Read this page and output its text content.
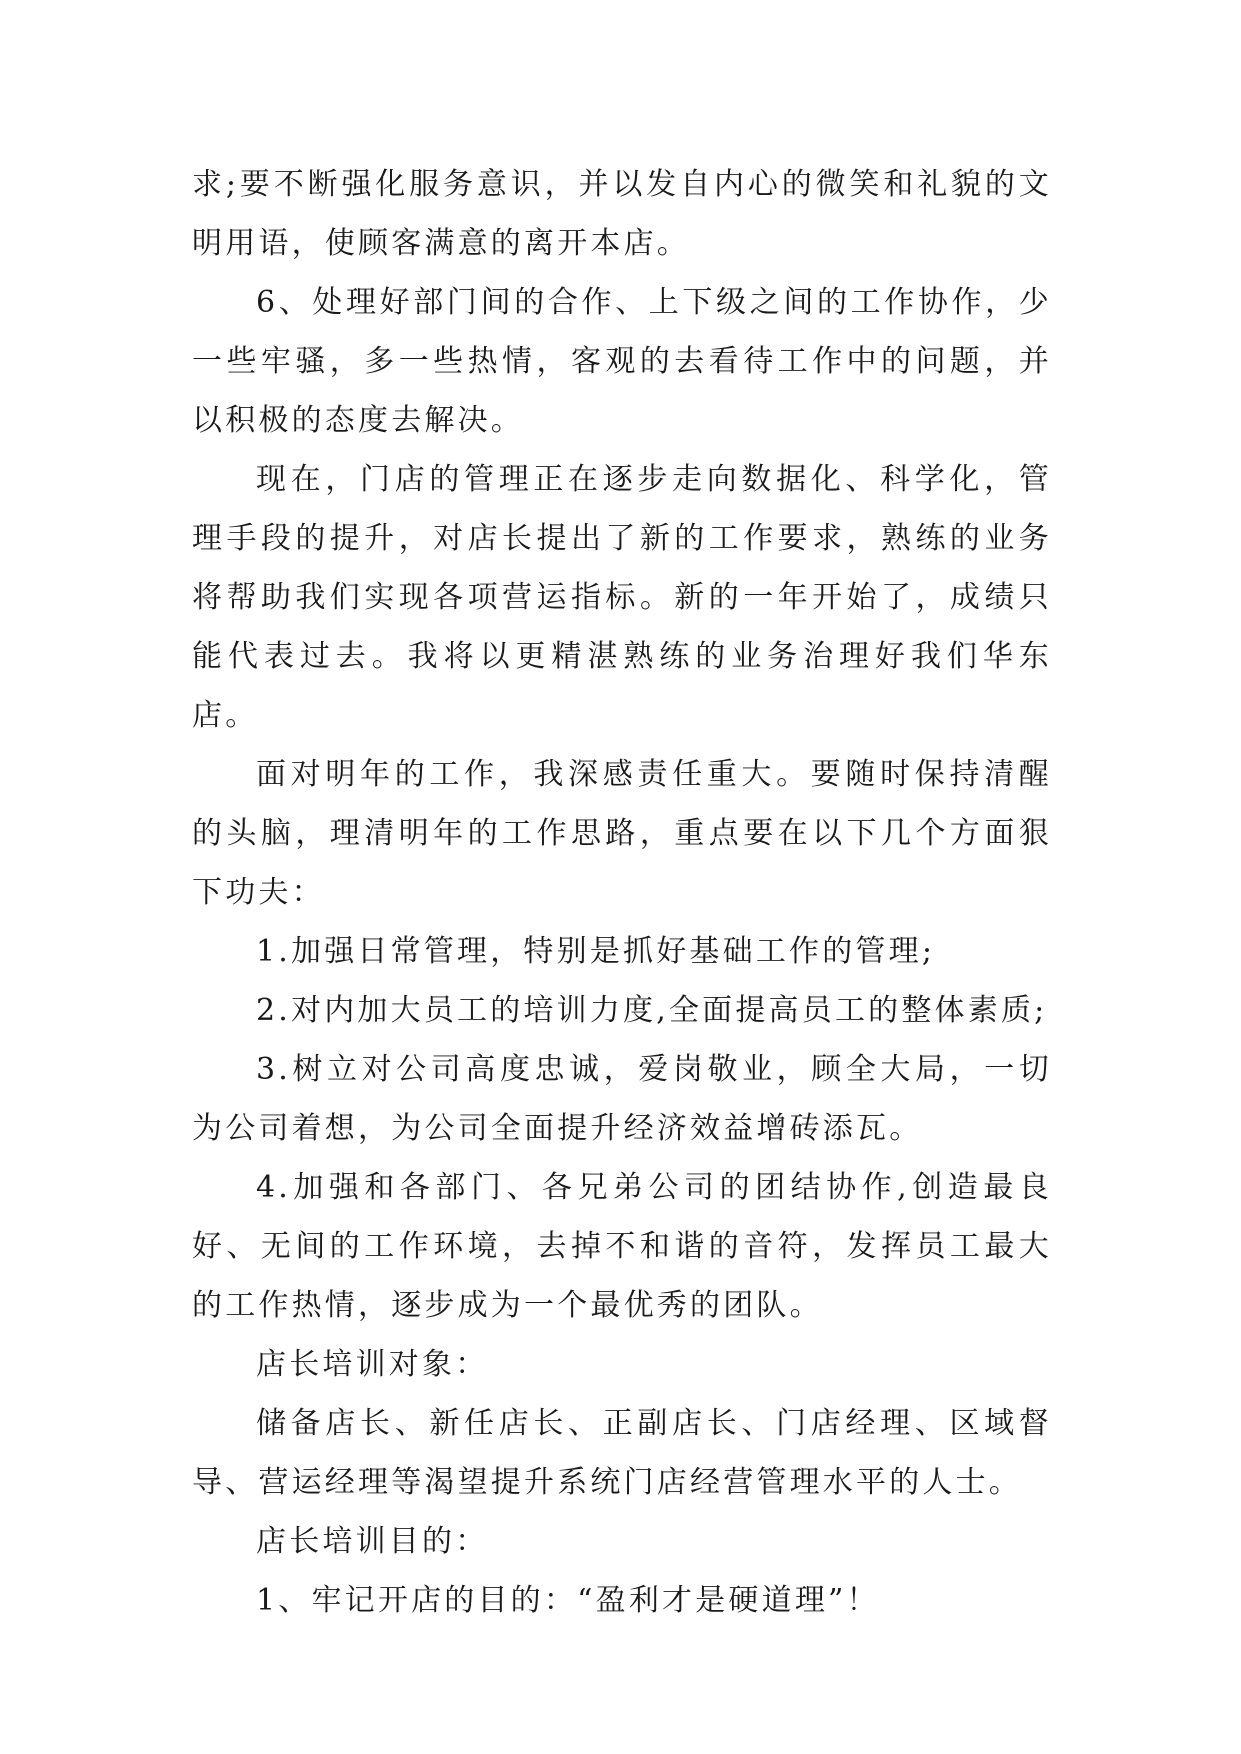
求;要不断强化服务意识，并以发自内心的微笑和礼貌的文明用语，使顾客满意的离开本店。

6、处理好部门间的合作、上下级之间的工作协作，少一些牢骚，多一些热情，客观的去看待工作中的问题，并以积极的态度去解决。

现在，门店的管理正在逐步走向数据化、科学化，管理手段的提升，对店长提出了新的工作要求，熟练的业务将帮助我们实现各项营运指标。新的一年开始了，成绩只能代表过去。我将以更精湛熟练的业务治理好我们华东店。

面对明年的工作，我深感责任重大。要随时保持清醒的头脑，理清明年的工作思路，重点要在以下几个方面狠下功夫：

1.加强日常管理，特别是抓好基础工作的管理;

2.对内加大员工的培训力度,全面提高员工的整体素质;

3.树立对公司高度忠诚，爱岗敬业，顾全大局，一切为公司着想，为公司全面提升经济效益增砖添瓦。

4.加强和各部门、各兄弟公司的团结协作,创造最良好、无间的工作环境，去掉不和谐的音符，发挥员工最大的工作热情，逐步成为一个最优秀的团队。

店长培训对象：

储备店长、新任店长、正副店长、门店经理、区域督导、营运经理等渴望提升系统门店经营管理水平的人士。

店长培训目的：

1、牢记开店的目的：“盈利才是硬道理”！
